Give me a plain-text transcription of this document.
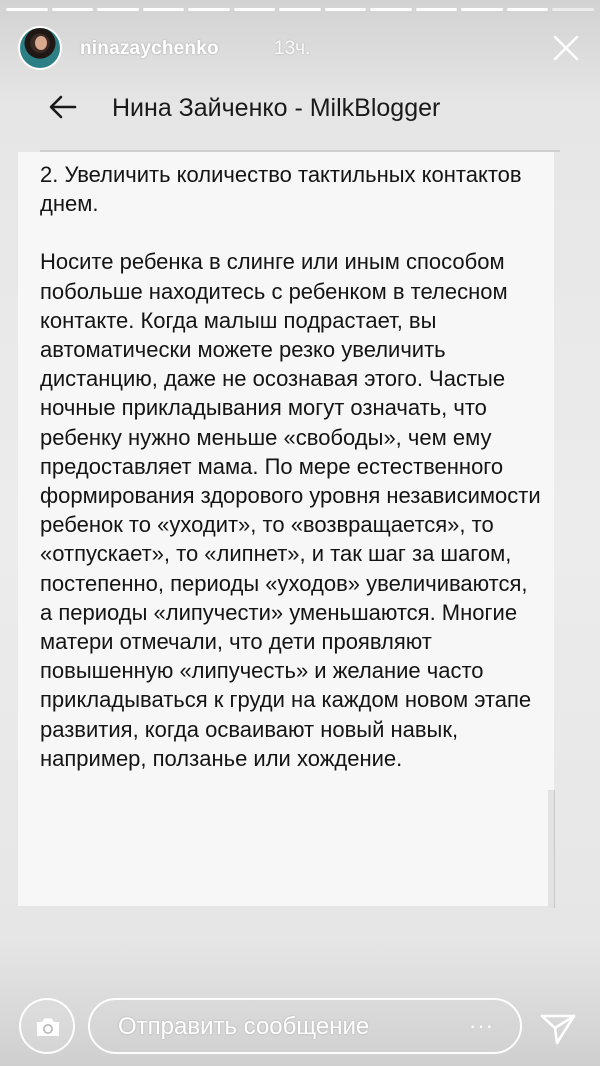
ninazaychenko	13ч.
Нина Зайченко - MilkBlogger

2. Увеличить количество тактильных контактов днем.

Носите ребенка в слинге или иным способом побольше находитесь с ребенком в телесном контакте. Когда малыш подрастает, вы автоматически можете резко увеличить дистанцию, даже не осознавая этого. Частые ночные прикладывания могут означать, что ребенку нужно меньше «свободы», чем ему предоставляет мама. По мере естественного формирования здорового уровня независимости ребенок то «уходит», то «возвращается», то «отпускает», то «липнет», и так шаг за шагом, постепенно, периоды «уходов» увеличиваются, а периоды «липучести» уменьшаются. Многие матери отмечали, что дети проявляют повышенную «липучесть» и желание часто прикладываться к груди на каждом новом этапе развития, когда осваивают новый навык, например, ползанье или хождение.

Отправить сообщение	···
